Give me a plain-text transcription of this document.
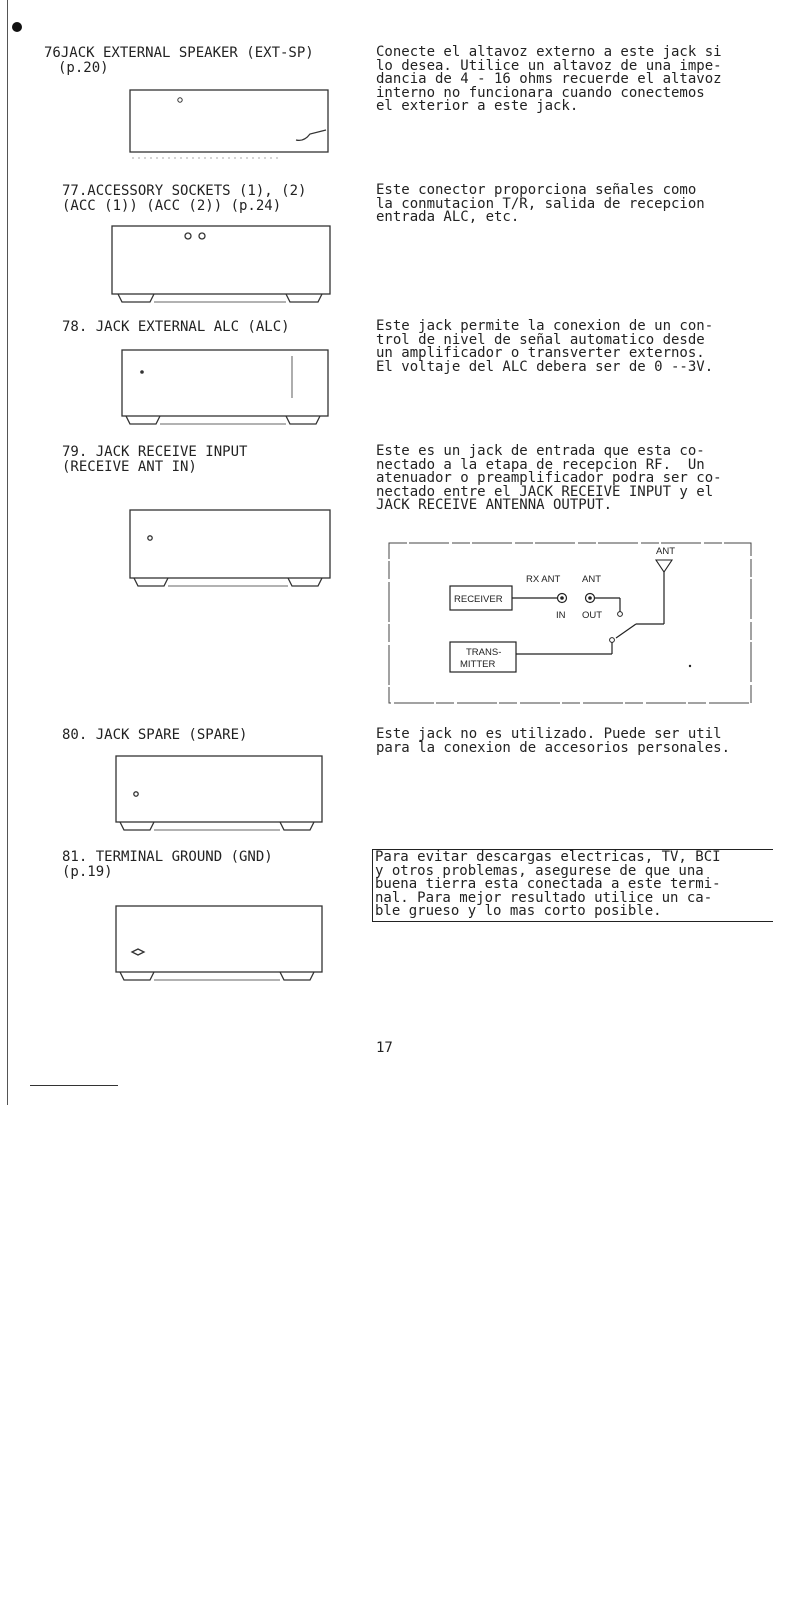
76JACK EXTERNAL SPEAKER (EXT-SP)
(p.20)
Conecte el altavoz externo a este jack si
lo desea. Utilice un altavoz de una impe-
dancia de 4 - 16 ohms recuerde el altavoz
interno no funcionara cuando conectemos
el exterior a este jack.
77.ACCESSORY SOCKETS (1), (2)
(ACC (1)) (ACC (2)) (p.24)
Este conector proporciona señales como
la conmutacion T/R, salida de recepcion
entrada ALC, etc.
78. JACK EXTERNAL ALC (ALC)	Este jack permite la conexion de un con-
trol de nivel de señal automatico desde
un amplificador o transverter externos.
El voltaje del ALC debera ser de 0 --3V.
79. JACK RECEIVE INPUT
(RECEIVE ANT IN)
Este es un jack de entrada que esta co-
nectado a la etapa de recepcion RF.  Un
atenuador o preamplificador podra ser co-
nectado entre el JACK RECEIVE INPUT y el
JACK RECEIVE ANTENNA OUTPUT.
RECEIVER
RX ANT
IN
ANT
OUT
ANT
TRANS-
MITTER
80. JACK SPARE (SPARE)	Este jack no es utilizado. Puede ser util
para la conexion de accesorios personales.
81. TERMINAL GROUND (GND)
(p.19)
Para evitar descargas electricas, TV, BCI
y otros problemas, asegurese de que una
buena tierra esta conectada a este termi-
nal. Para mejor resultado utilice un ca-
ble grueso y lo mas corto posible.
17
